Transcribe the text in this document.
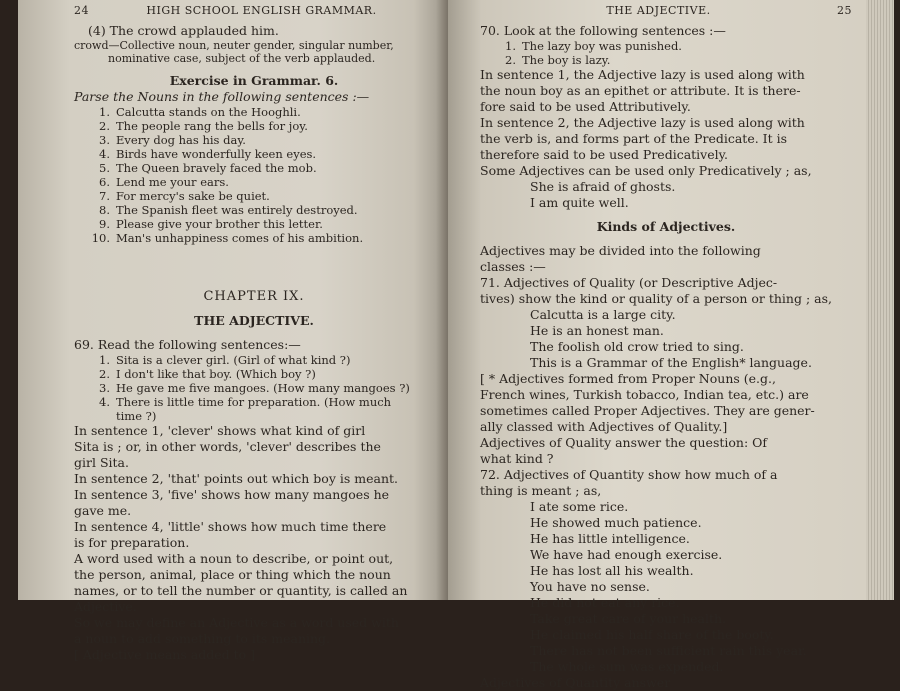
24	HIGH SCHOOL ENGLISH GRAMMAR.
(4) The crowd applauded him.
crowd—Collective noun, neuter gender, singular number,
nominative case, subject of the verb applauded.
Exercise in Grammar. 6.
Parse the Nouns in the following sentences :—
1. Calcutta stands on the Hooghli.
2. The people rang the bells for joy.
3. Every dog has his day.
4. Birds have wonderfully keen eyes.
5. The Queen bravely faced the mob.
6. Lend me your ears.
7. For mercy's sake be quiet.
8. The Spanish fleet was entirely destroyed.
9. Please give your brother this letter.
10. Man's unhappiness comes of his ambition.
CHAPTER IX.
THE ADJECTIVE.
69. Read the following sentences:—
1. Sita is a clever girl. (Girl of what kind ?)
2. I don't like that boy. (Which boy ?)
3. He gave me five mangoes. (How many mangoes ?)
4. There is little time for preparation. (How much
time ?)
In sentence 1, 'clever' shows what kind of girl
Sita is ; or, in other words, 'clever' describes the
girl Sita.
In sentence 2, 'that' points out which boy is meant.
In sentence 3, 'five' shows how many mangoes he
gave me.
In sentence 4, 'little' shows how much time there
is for preparation.
A word used with a noun to describe, or point out,
the person, animal, place or thing which the noun
names, or to tell the number or quantity, is called an
Adjective.
So we may define an Adjective as a word used with
a noun to add something to its meaning.
[ Adjective means added to ]
THE ADJECTIVE.	25
70. Look at the following sentences :—
1. The lazy boy was punished.
2. The boy is lazy.
In sentence 1, the Adjective lazy is used along with
the noun boy as an epithet or attribute. It is there-
fore said to be used Attributively.
In sentence 2, the Adjective lazy is used along with
the verb is, and forms part of the Predicate. It is
therefore said to be used Predicatively.
Some Adjectives can be used only Predicatively ; as,
She is afraid of ghosts.
I am quite well.
Kinds of Adjectives.
Adjectives may be divided into the following
classes :—
71. Adjectives of Quality (or Descriptive Adjec-
tives) show the kind or quality of a person or thing ; as,
Calcutta is a large city.
He is an honest man.
The foolish old crow tried to sing.
This is a Grammar of the English* language.
[ * Adjectives formed from Proper Nouns (e.g.,
French wines, Turkish tobacco, Indian tea, etc.) are
sometimes called Proper Adjectives. They are gener-
ally classed with Adjectives of Quality.]
Adjectives of Quality answer the question: Of
what kind ?
72. Adjectives of Quantity show how much of a
thing is meant ; as,
I ate some rice.
He showed much patience.
He has little intelligence.
We have had enough exercise.
He has lost all his wealth.
You have no sense.
He did not eat any rice.
Take great care of your health.
He claimed his half share of the booty.
There has not been sufficient rain this year.
The whole sum was expended.
Adjectives of Quantity answer
